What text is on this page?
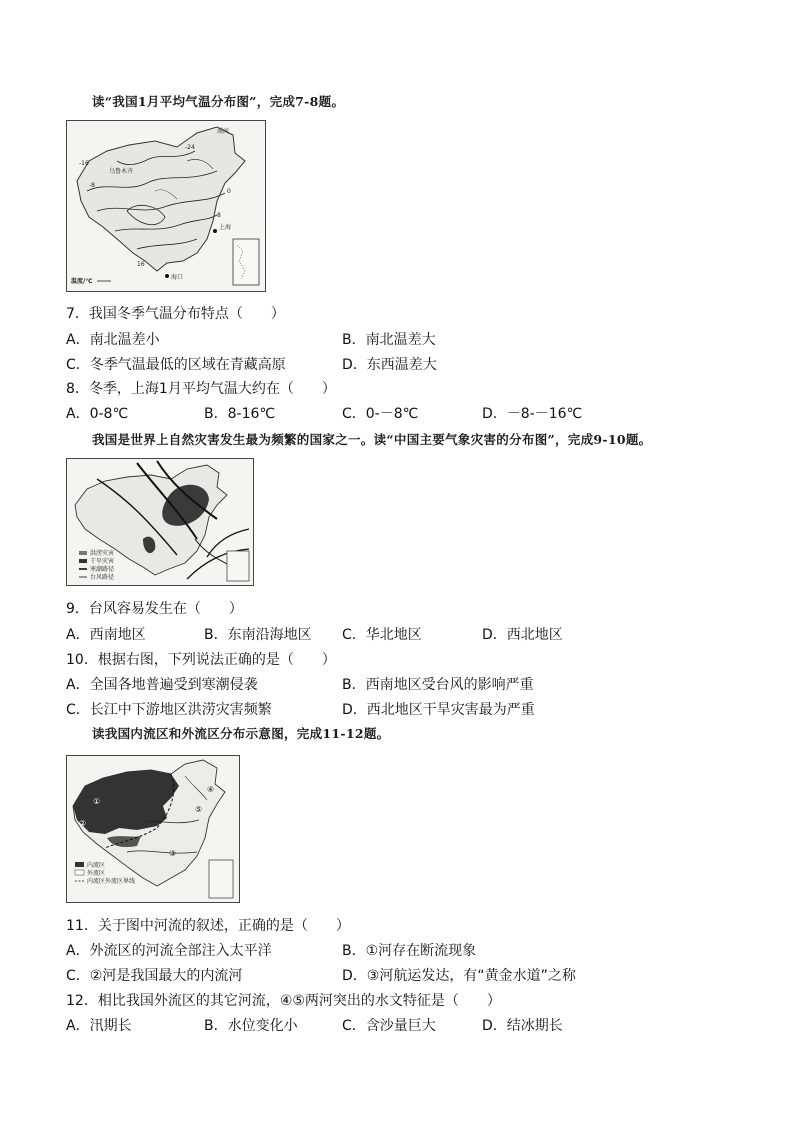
读“我国1月平均气温分布图”，完成7-8题。
漠河
乌鲁木齐
海口
上海
-16
-24
-8
0
8
16
温度/℃
7．我国冬季气温分布特点（　　）
A．南北温差小	B．南北温差大
C．冬季气温最低的区域在青藏高原	D．东西温差大
8．冬季，上海1月平均气温大约在（　　）
A．0-8℃	B．8-16℃	C．0-－8℃	D．－8-－16℃
我国是世界上自然灾害发生最为频繁的国家之一。读“中国主要气象灾害的分布图”，完成9-10题。
洪涝灾害
干旱灾害
寒潮路径
台风路径
9．台风容易发生在（　　）
A．西南地区	B．东南沿海地区 C．华北地区	D．西北地区
10．根据右图，下列说法正确的是（　　）
A．全国各地普遍受到寒潮侵袭	B．西南地区受台风的影响严重
C．长江中下游地区洪涝灾害频繁	D．西北地区干旱灾害最为严重
读我国内流区和外流区分布示意图，完成11-12题。
①
②
③
④
⑤
内流区
外流区
内流区外流区界线
11．关于图中河流的叙述，正确的是（　　）
A．外流区的河流全部注入太平洋	B．①河存在断流现象
C．②河是我国最大的内流河	D．③河航运发达，有“黄金水道”之称
12．相比我国外流区的其它河流，④⑤两河突出的水文特征是（　　）
A．汛期长	B．水位变化小	C．含沙量巨大	D．结冰期长
